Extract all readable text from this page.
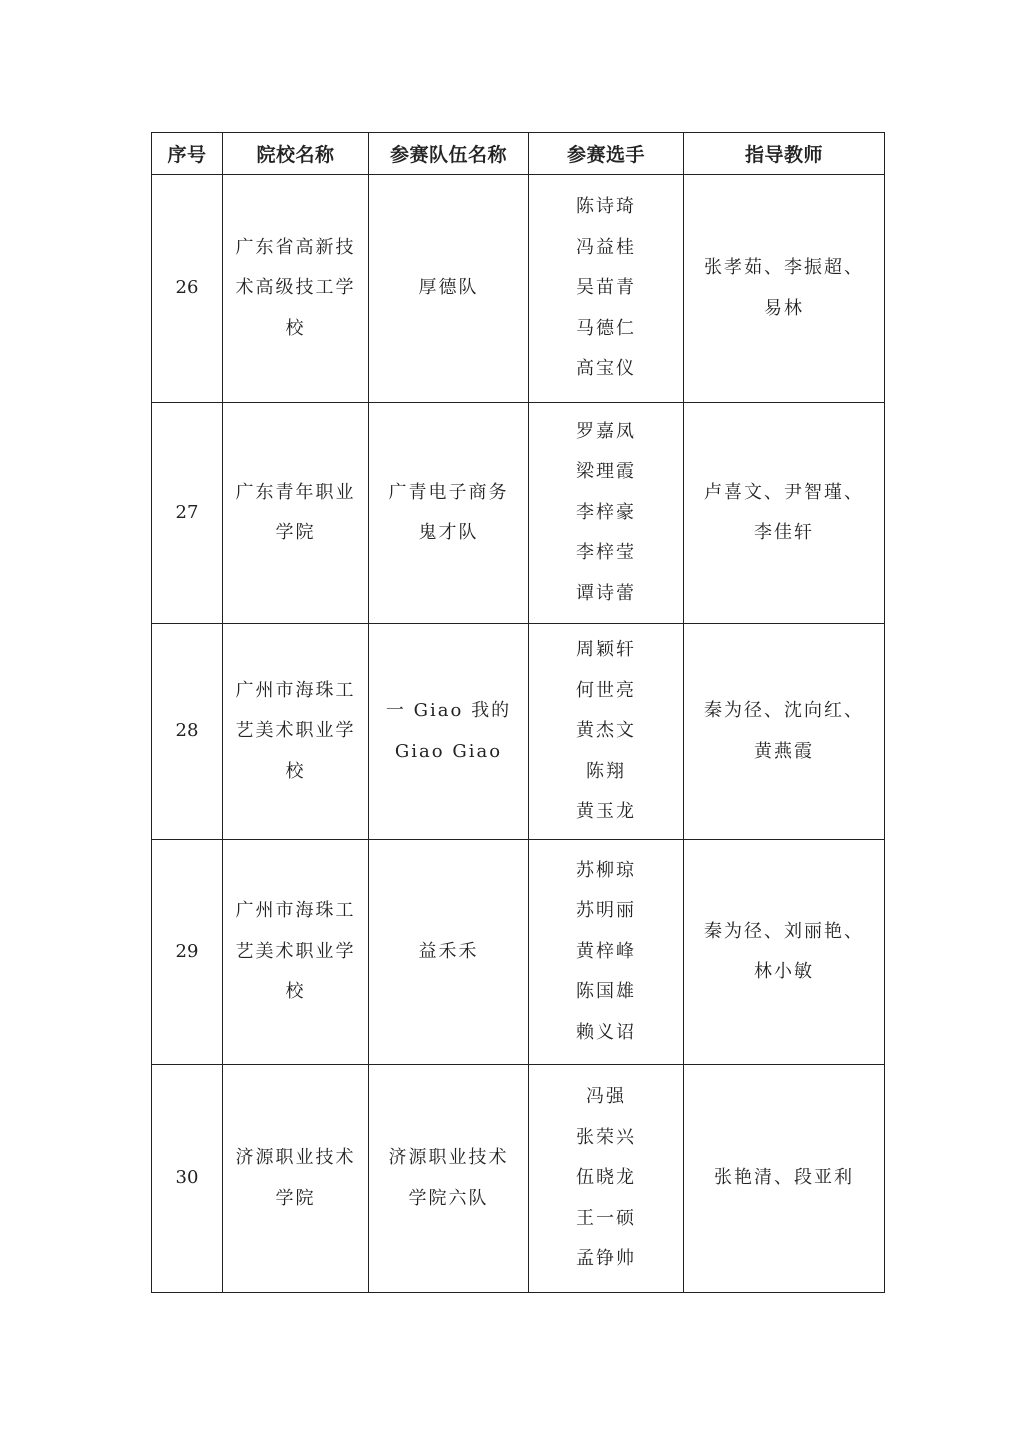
序号	院校名称	参赛队伍名称	参赛选手	指导教师
26	广东省高新技
术高级技工学
校	厚德队	陈诗琦
冯益桂
吴苗青
马德仁
高宝仪	张孝茹、李振超、
易林

27	广东青年职业
学院	广青电子商务
鬼才队	罗嘉凤
梁理霞
李梓豪
李梓莹
谭诗蕾	卢喜文、尹智瑾、
李佳轩

28	广州市海珠工
艺美术职业学
校	一 Giao 我的
Giao Giao	周颖轩
何世亮
黄杰文
陈翔
黄玉龙	秦为径、沈向红、
黄燕霞

29	广州市海珠工
艺美术职业学
校	益禾禾	苏柳琼
苏明丽
黄梓峰
陈国雄
赖义诏	秦为径、刘丽艳、
林小敏

30	济源职业技术
学院	济源职业技术
学院六队	冯强
张荣兴
伍晓龙
王一硕
孟铮帅	张艳清、段亚利
